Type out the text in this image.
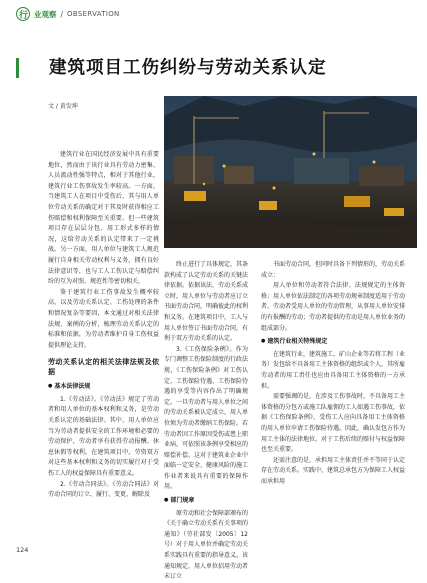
行 业观察 / OBSERVATION
建筑项目工伤纠纷与劳动关系认定
文 / 黄发坤

建筑行业在国民经济发展中具有重要地位，然而由于该行业具有劳动力密集、人员流动性强等特点，相对于其他行业，建筑行业工伤事故发生率较高。一方面，当建筑工人在项目中受伤后，其与用人单位劳动关系的确定对于其及时获得相应工伤赔偿和权利保障至关重要。但一些建筑项目存在层层分包、用工形式多样的情况，这给劳动关系的认定带来了一定挑战。另一方面，用人单位与建筑工人规范履行自身相关劳动权利与义务，拥有良好法律意识等，也与工人工伤认定与赔偿纠纷的互为对照、规范性等密切相关。

鉴于建筑行业工伤事故发生概率较高，以及劳动关系认定、工伤处理的条件和情况复杂等要因，本文通过对相关法律法规、案例的分析，梳理劳动关系认定的标准和依据，为劳动者维护自身工伤权益提供理论支持。

劳动关系认定的相关法律法规及依据
● 基本法律法规

1.《劳动法》。《劳动法》规定了劳动者和用人单位的基本权利和义务，是劳动关系认定的基础法律。其中，用人单位应当为劳动者提供安全的工作环境和必要的劳动保护，劳动者享有获得劳动报酬、休息休假等权利。在建筑项目中，劳资双方对这些基本权利和义务的切实履行对于受伤工人的权益保障具有重要意义。

2.《劳动合同法》。《劳动合同法》对劳动合同的订立、履行、变更、解除及

终止进行了具体规定，其条款构成了认定劳动关系的关键法律依据。依据该法，劳动关系成立时，用人单位与劳动者应订立书面劳动合同，明确彼此的权利和义务。在建筑项目中，工人与用人单位签订书面劳动合同，有利于双方劳动关系的认定。

3.《工伤保险条例》。作为专门调整工伤保险制度的行政法规，《工伤保险条例》对工伤认定、工伤保险待遇、工伤保险待遇的享受等内容作出了明确规定。一旦劳动者与用人单位之间的劳动关系被认定成立，用人单位须为劳动者缴纳工伤保险。若劳动者因工作原因受伤或患上职业病，可依照该条例享受相应的赔偿补偿。这对于建筑业企业中面临一定安全、健康风险的施工作业者来说具有重要的保障作用。

● 部门规章

原劳动和社会保障部颁布的《关于确立劳动关系有关事项的通知》（劳社部发〔2005〕12号）对于用人单位并确定劳动关系实践具有重要的指导意义。该通知规定，用人单位招用劳动者未订立

书面劳动合同，但同时具备下列情形的，劳动关系成立：

用人单位和劳动者符合法律、法规规定的主体资格；用人单位依法制定的各项劳动规章制度适用于劳动者，劳动者受用人单位的劳动管理，从事用人单位安排的有报酬的劳动；劳动者提供的劳动是用人单位业务的组成部分。

● 建筑行业相关特殊规定

在建筑行业，建筑施工、矿山企业等若将工程（业务）发包给不具备用工主体资格的组织或个人，其所雇劳动者的用工责任也应由具备用工主体资格的一方承担。

需要强调的是，在涉及工伤事故时，不具备用工主体资格的分包方或施工队雇佣的工人如遇工伤事故，依据《工伤保险条例》，受伤工人应向具备用工主体资格的用人单位申请工伤保险待遇。因此，确认发包方作为用工主体的法律地位，对于工伤后续的赔付与权益保障也至关重要。

还需注意的是，承担用工主体责任并不等同于认定存在劳动关系。实践中，建筑总承包方为保障工人权益而承担用

124
